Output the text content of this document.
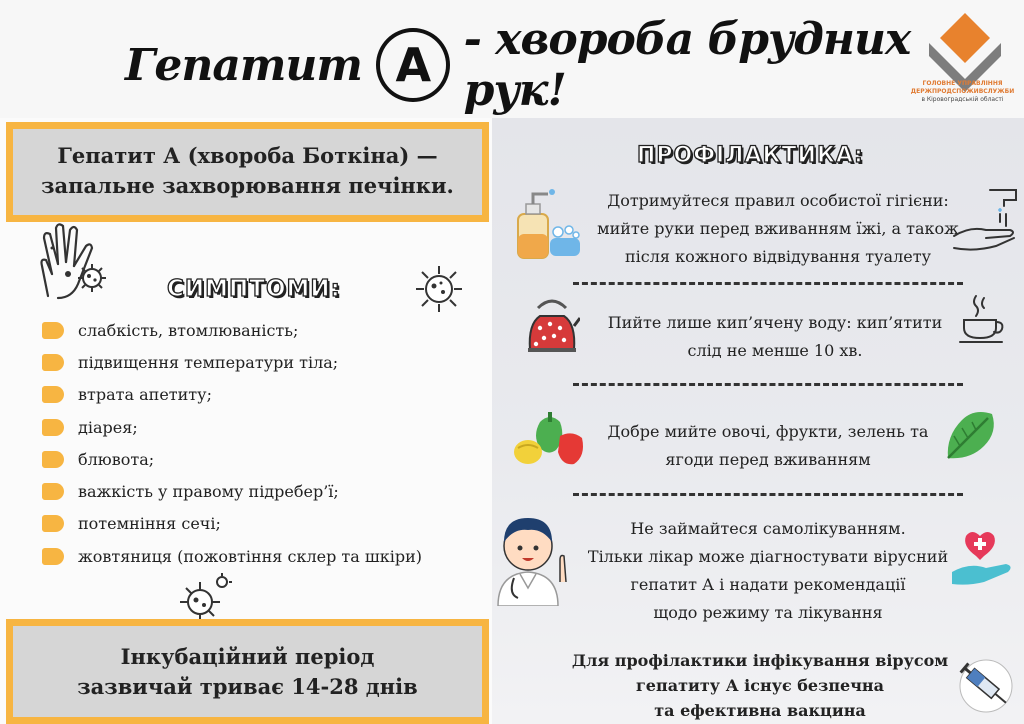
Гепатит А - хвороба брудних рук!	ГОЛОВНЕ УПРАВЛІННЯ
ДЕРЖПРОДСПОЖИВСЛУЖБИ
в Кіровоградській області
Гепатит А (хвороба Боткіна) —
запальне захворювання печінки.
СИМПТОМИ:
слабкість, втомлюваність;
підвищення температури тіла;
втрата апетиту;
діарея;
блювота;
важкість у правому підребер’ї;
потемніння сечі;
жовтяниця (пожовтіння склер та шкіри)
Інкубаційний період
зазвичай триває 14-28 днів
ПРОФІЛАКТИКА:
Дотримуйтеся правил особистої гігієни:
мийте руки перед вживанням їжі, а також
після кожного відвідування туалету
Пийте лише кип’ячену воду: кип’ятити
слід не менше 10 хв.
Добре мийте овочі, фрукти, зелень та
ягоди перед вживанням
Не займайтеся самолікуванням.
Тільки лікар може діагностувати вірусний
гепатит А і надати рекомендації
щодо режиму та лікування
Для профілактики інфікування вірусом
гепатиту А існує безпечна
та ефективна вакцина
